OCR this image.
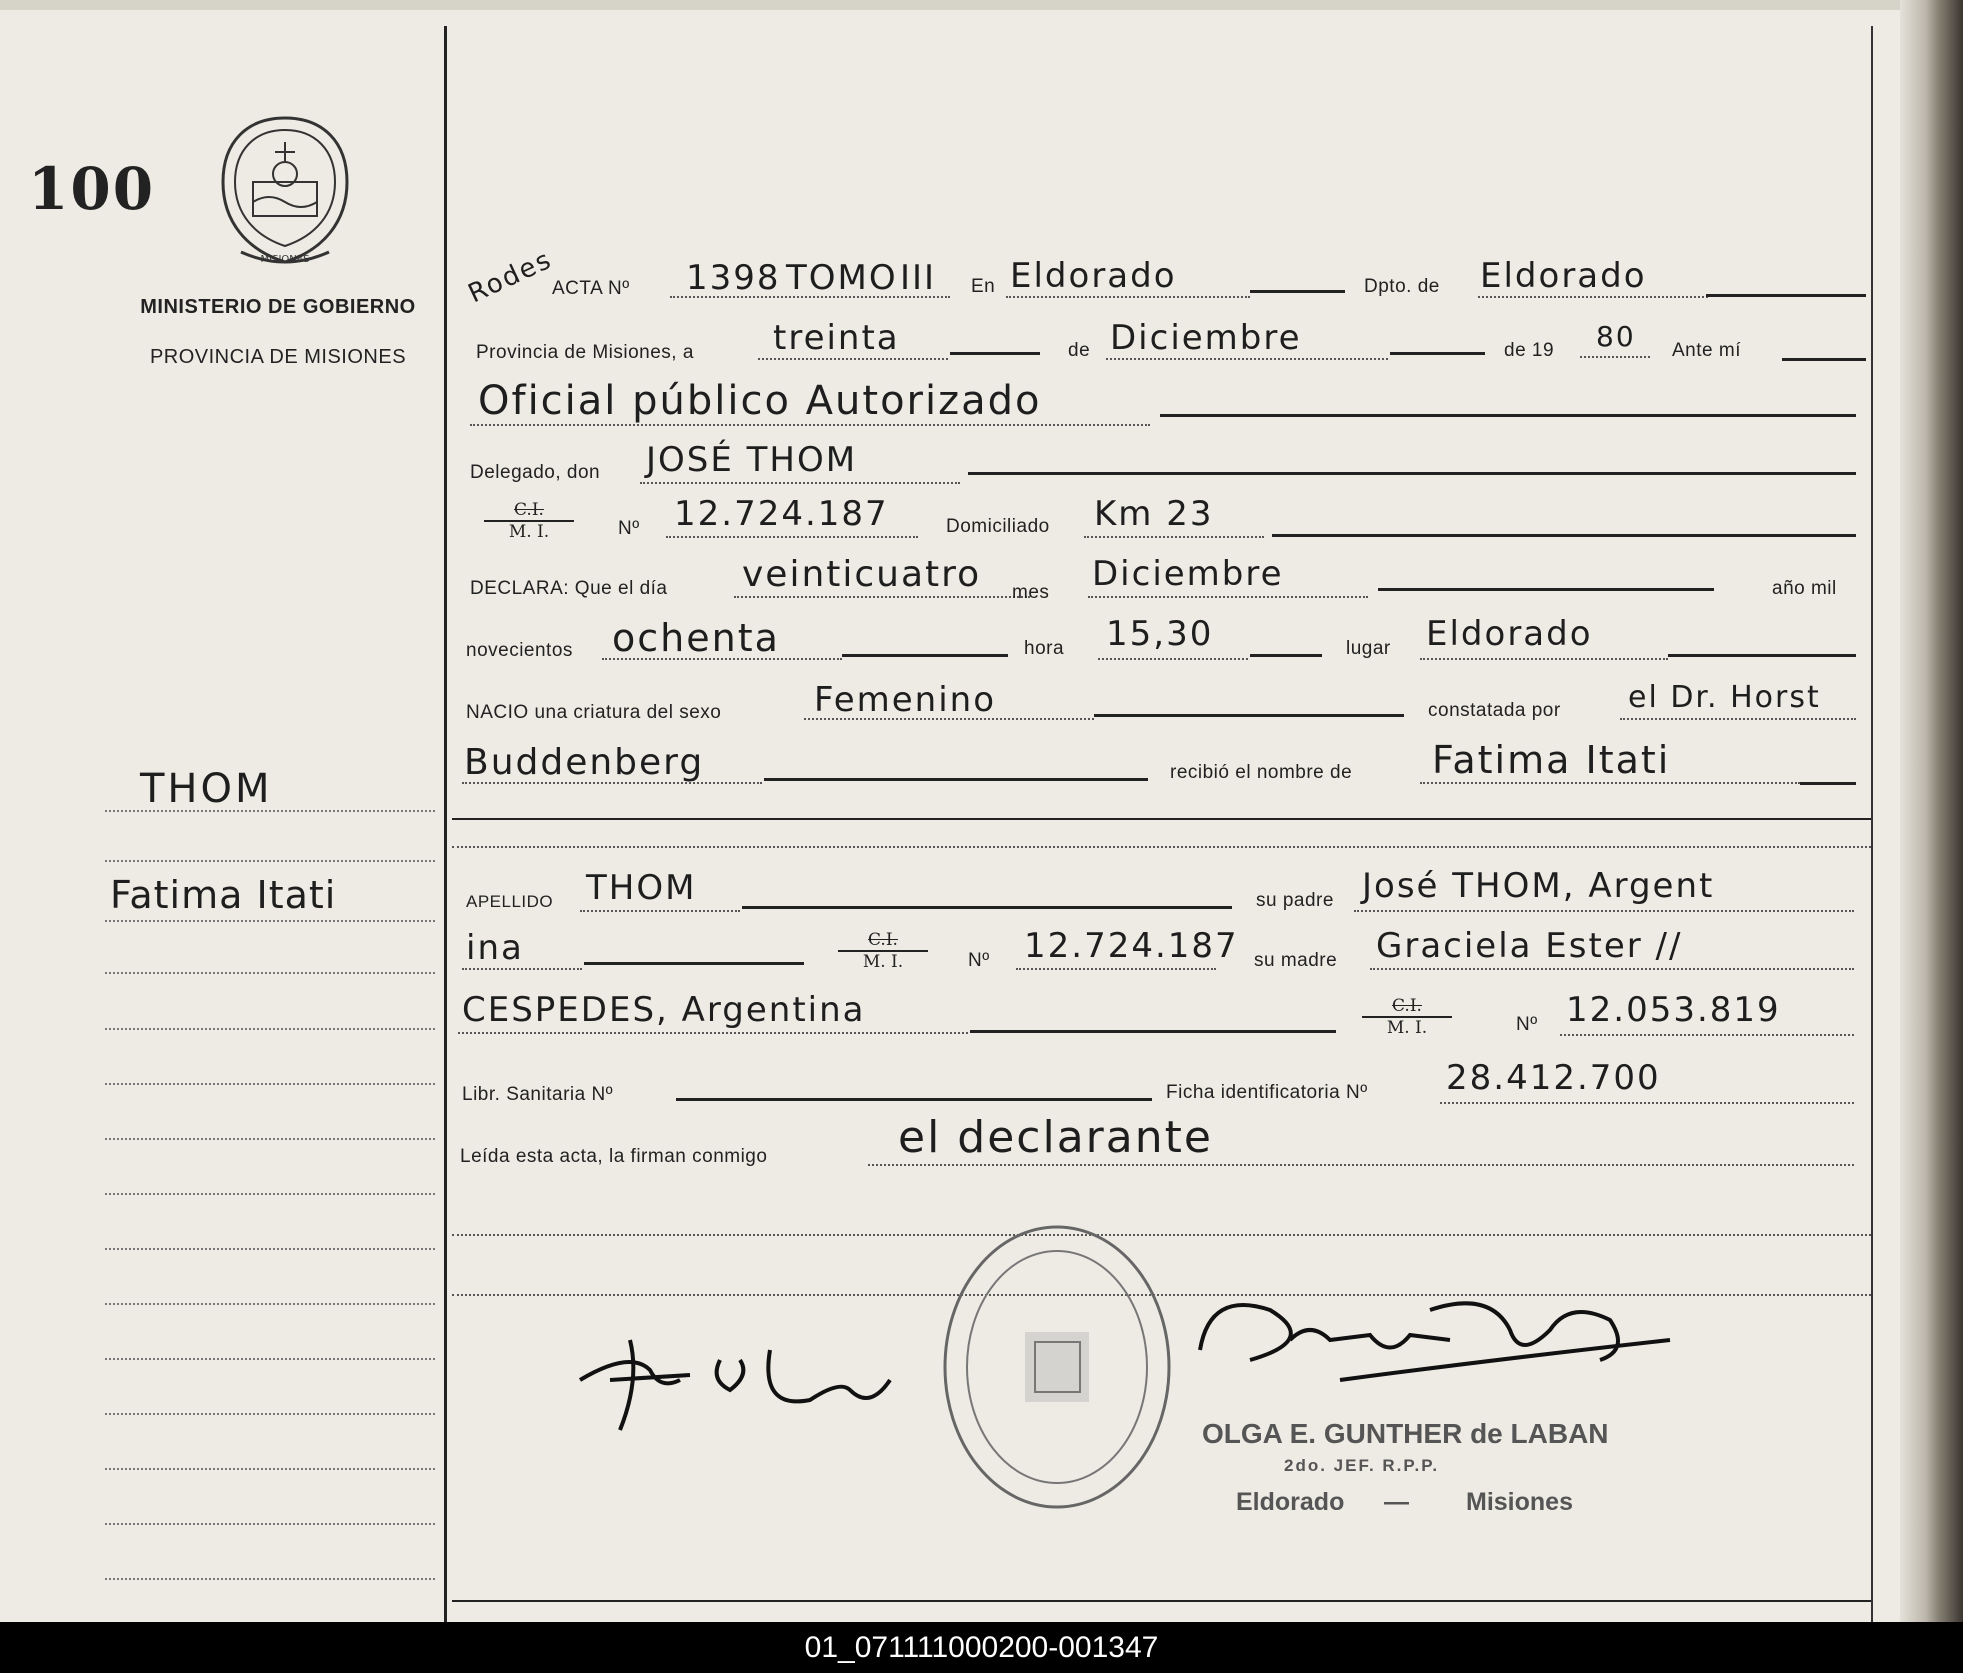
100
MISIONES
MINISTERIO DE GOBIERNO
PROVINCIA DE MISIONES
THOM
Fatima Itati
Rodes
ACTA Nº 1398 TOMO III En Eldorado	Dpto. de Eldorado
Provincia de Misiones, a treinta	de Diciembre	de 19 80 Ante mí
Oficial público Autorizado
Delegado, don JOSÉ THOM
C.I.
M. I.	Nº 12.724.187	Domiciliado Km 23
DECLARA: Que el día veinticuatro mes Diciembre	año mil
novecientos ochenta	hora 15,30	lugar Eldorado
NACIO una criatura del sexo	Femenino	constatada por el Dr. Horst
Buddenberg	recibió el nombre de Fatima Itati
APELLIDO THOM	su padre José THOM, Argent
ina	C.I.
M. I.	Nº 12.724.187 su madre Graciela Ester //
CESPEDES, Argentina	C.I.
M. I.	Nº 12.053.819
Libr. Sanitaria Nº	Ficha identificatoria Nº 28.412.700
Leída esta acta, la firman conmigo	el declarante
OLGA E. GUNTHER de LABAN
2do. JEF. R.P.P.
Eldorado — Misiones
01_071111000200-001347
